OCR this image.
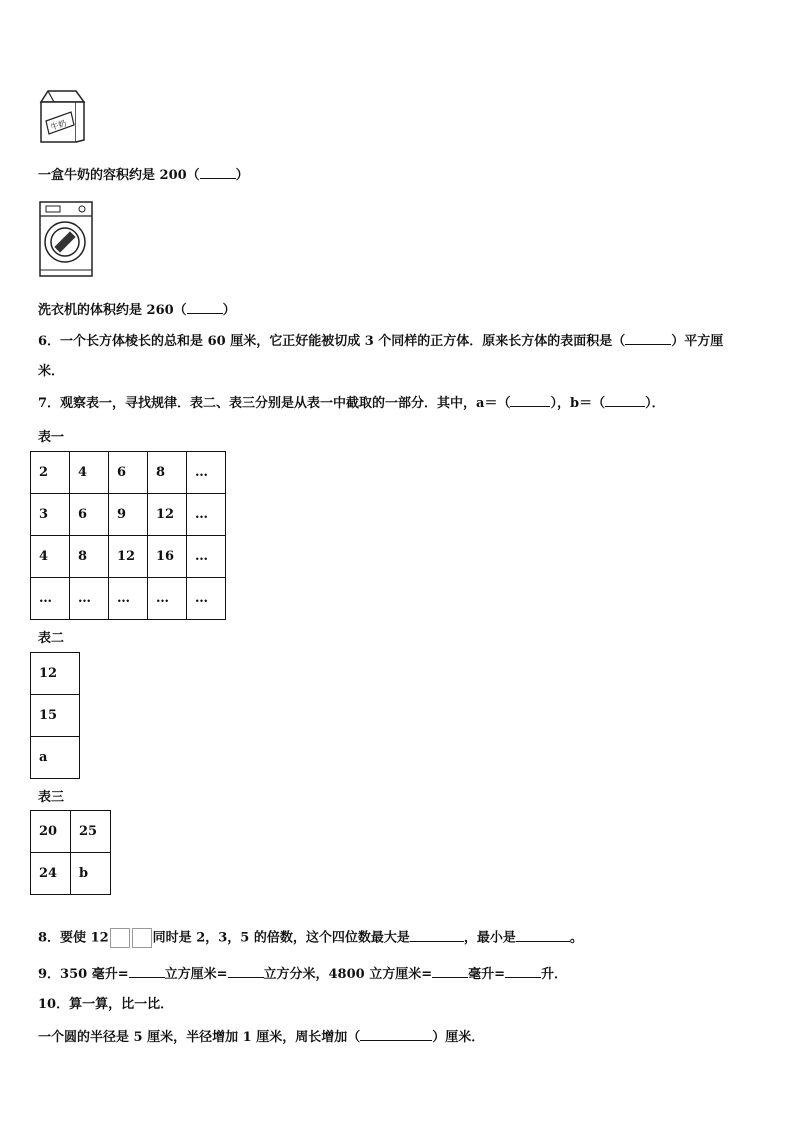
牛奶
一盒牛奶的容积约是 200（	）
洗衣机的体积约是 260（	）
6．一个长方体棱长的总和是 60 厘米，它正好能被切成 3 个同样的正方体．原来长方体的表面积是（	）平方厘
米．
7．观察表一，寻找规律．表二、表三分别是从表一中截取的一部分．其中，a＝（	），b＝（	）．
表一
2	4	6	8	…
3	6	9	12	…
4	8	12	16	…
…	…	…	…	…
表二
12
15
a
表三
20	25
24	b
8．要使 12	同时是 2，3，5 的倍数，这个四位数最大是	，最小是	。
9．350 毫升=	立方厘米=	立方分米，4800 立方厘米=	毫升=	升．
10．算一算，比一比．
一个圆的半径是 5 厘米，半径增加 1 厘米，周长增加（	）厘米．
